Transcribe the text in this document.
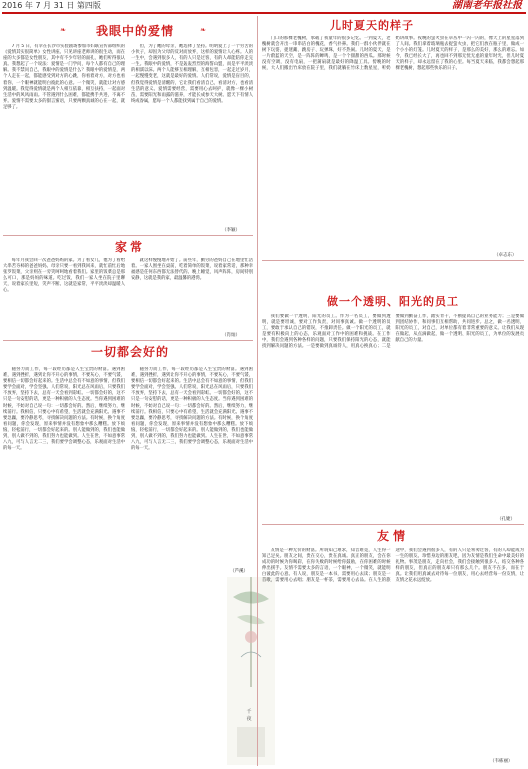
2016 年 7 月 31 日 第四版	湖南老年报社报
❧	我眼中的爱情	❧

7 月 5 日，有幸在长沙市实验剧场参加市妇联宣传部组织的《爱情其实很简单》女性讲座。只见讲座老师讲的很生动，而在座的大多都是女性朋友，其中有不少年轻的面孔，她们听得很认真。我想起了一个说法：爱情是一门学问，每个人都有自己的理解。我不禁问自己，我眼中的爱情是什么？我眼中的爱情是，两个人走在一起，都能感受到对方的心跳，你看着对方，对方也看着你，一个眼神就能明白彼此的心意。一个微笑，就能让对方感到温暖。我觉得爱情就是两个人相互依靠，相互扶持，一起面对生活中的风风雨雨。不管遇到什么困难，都能携手共进，不离不弃。爱情不需要太多的甜言蜜语，只要两颗真诚的心在一起，就足够了。

但，为了她的母亲，她选择了坚持。明明爱上了一个穷苦的小伙子，却因为父母的反对而放弃，这样的爱情让人心疼。人的一生中，会遇到很多人，有的人只是过客，有的人却能陪你走完一生。我眼中的爱情，不是轰轰烈烈的海誓山盟，而是平平淡淡的相濡以沫。两个人能够互相理解，互相包容，一起走过岁月，一起慢慢变老，这就是最好的爱情。人们常说，爱情是盲目的，但我觉得爱情是清醒的，它让我们看清自己，看清对方，也看清生活的意义。爱情需要经营，需要用心去呵护，就像一棵小树苗，需要阳光和雨露的滋养，才能长成参天大树。愿天下有情人终成眷属，愿每一个人都能找到属于自己的爱情。

（李颖）
家常

每年月我会回一次爸爸妈妈的家。为了看女儿，他为了看给大串苦夯柿的爸爸妈妈。母亲只要一看到我回来，就忙前忙后地张罗饭菜，父亲则在一旁笑呵呵地看着我们。家里的饭菜总是那么可口，那是妈妈的味道。吃过饭，我们一家人坐在院子里聊天，说着家长里短，笑声不断。这就是家常，平平淡淡却温暖人心。

就这样慢慢地开始了。前些年，勤劳的爸妈自己在地里忙活着。一家人围坐在桌前，吃着简单的饭菜，说着家常话，那种幸福感是任何东西都无法替代的。晚上睡觉，风声阵阵，房间特别安静，这就是我的家，最温馨的港湾。

（肖灿）
一切都会好的

随努力而工作，每一段经历都是人生宝贵的财富。遇到困难，遇到挫折，遇到让你不开心的事情，不要灰心，不要气馁，要相信一切都会好起来的。生活中总会有不如意的事情，但我们要学会面对，学会坚强。人们常说，阳光总在风雨后，只要我们不放弃，坚持下去，总有一天会看到彩虹。一切都会好的，这不只是一句安慰的话，更是一种积极的人生态度。当你遇到困难的时候，不妨对自己说一句：一切都会好的。然后，继续努力，继续前行。我相信，只要心中有希望，生活就会充满阳光。遇事不要急躁，要冷静思考，寻找解决问题的方法。有时候，换个角度看问题，你会发现，原来事情并没有想象中那么糟糕。放下烦恼，轻松前行，一切都会好起来的。别人能做到的，我们也能做到，别人做不到的，我们努力也能做到。人生在世，不如意事常八九，可与人言无二三，我们要学会调整心态，乐观面对生活中的每一天。

随努力而工作，每一段经历都是人生宝贵的财富。遇到困难，遇到挫折，遇到让你不开心的事情，不要灰心，不要气馁，要相信一切都会好起来的。生活中总会有不如意的事情，但我们要学会面对，学会坚强。人们常说，阳光总在风雨后，只要我们不放弃，坚持下去，总有一天会看到彩虹。一切都会好的，这不只是一句安慰的话，更是一种积极的人生态度。当你遇到困难的时候，不妨对自己说一句：一切都会好的。然后，继续努力，继续前行。我相信，只要心中有希望，生活就会充满阳光。遇事不要急躁，要冷静思考，寻找解决问题的方法。有时候，换个角度看问题，你会发现，原来事情并没有想象中那么糟糕。放下烦恼，轻松前行，一切都会好起来的。别人能做到的，我们也能做到，别人做不到的，我们努力也能做到。人生在世，不如意事常八九，可与人言无二三，我们要学会调整心态，乐观面对生活中的每一天。

（芦溪）
千夜
儿时夏天的样子

门口的那棵老槐树，承载了我童年的很多记忆。一到夏天，老槐树就会开出一串串洁白的槐花，香气扑鼻。我们一群小伙伴就在树下玩耍，捉迷藏、跳房子、玩弹珠，好不热闹。儿时的夏天，是一片蔚蓝的天空，是一阵阵的蝉鸣，是一个个甜甜的西瓜。那时候没有空调，没有电扇，一把蒲扇就是最好的降温工具。傍晚的时候，大人们搬出竹床放在院子里，我们就躺在竹床上数星星，听奶奶讲故事。夜晚的萤火虫在草丛中一闪一闪的，像天上的星星落到了人间。我们拿着玻璃瓶去捉萤火虫，把它们放在瓶子里，做成一个小小的灯笼。儿时夏天的样子，是那么的美好，那么的难忘。如今，我已经长大了，再也回不到那无忧无虑的童年时光，但儿时夏天的样子，却永远留在了我的心里。每当夏天来临，我都会想起那棵老槐树，想起那些快乐的日子。

（卓志东）
做一个透明、阳光的员工

我们要做一个透明、阳光的员工。作为一名员工，要做到透明，就是要坦诚，要对工作负责，对同事真诚。做一个透明的员工，要敢于承认自己的错误，不推卸责任。做一个阳光的员工，就是要有积极向上的心态，乐观面对工作中的困难和挑战。在工作中，我们会遇到各种各样的问题，只要我们保持阳光的心态，就能找到解决问题的方法。一是要做到真诚待人，用真心换真心；二是要做到勤奋工作，踏实肯干，不断提高自己的业务能力；三是要做到团结协作，和同事们互相帮助，共同进步。总之，做一名透明、阳光的员工，对自己，对单位都有着非常重要的意义。让我们从现在做起，从点滴做起，做一个透明、阳光的员工，为单位的发展贡献自己的力量。

（孔婕）
友情

友情是一种无价的财富。所谓知己难求，知音难觅，人生得一知己足矣。朋友之间，贵在交心，贵在真诚。真正的朋友，会在你成功的时候为你喝彩，在你失败的时候给你鼓励，在你困难的时候伸出援手。友情不需要太多的言语，一个眼神，一个微笑，就能明白彼此的心意。有人说，朋友是一本书，需要用心去读；朋友是一首歌，需要用心去唱；朋友是一杯茶，需要用心去品。在人生的旅途中，我们会遇到很多人，有的人只是匆匆过客，有的人却能成为一生的朋友。珍惜身边的朋友吧，因为友情是我们生命中最美好的礼物。事茂是朋友，走向社会，我们会接触到很多人，结交各种各样的朋友，但真正的朋友却只有那么几个。朋友不在多，而在于真。让我们用真诚去对待每一位朋友，用心去经营每一份友情，让友情之花永远绽放。

（韦栋丽）
